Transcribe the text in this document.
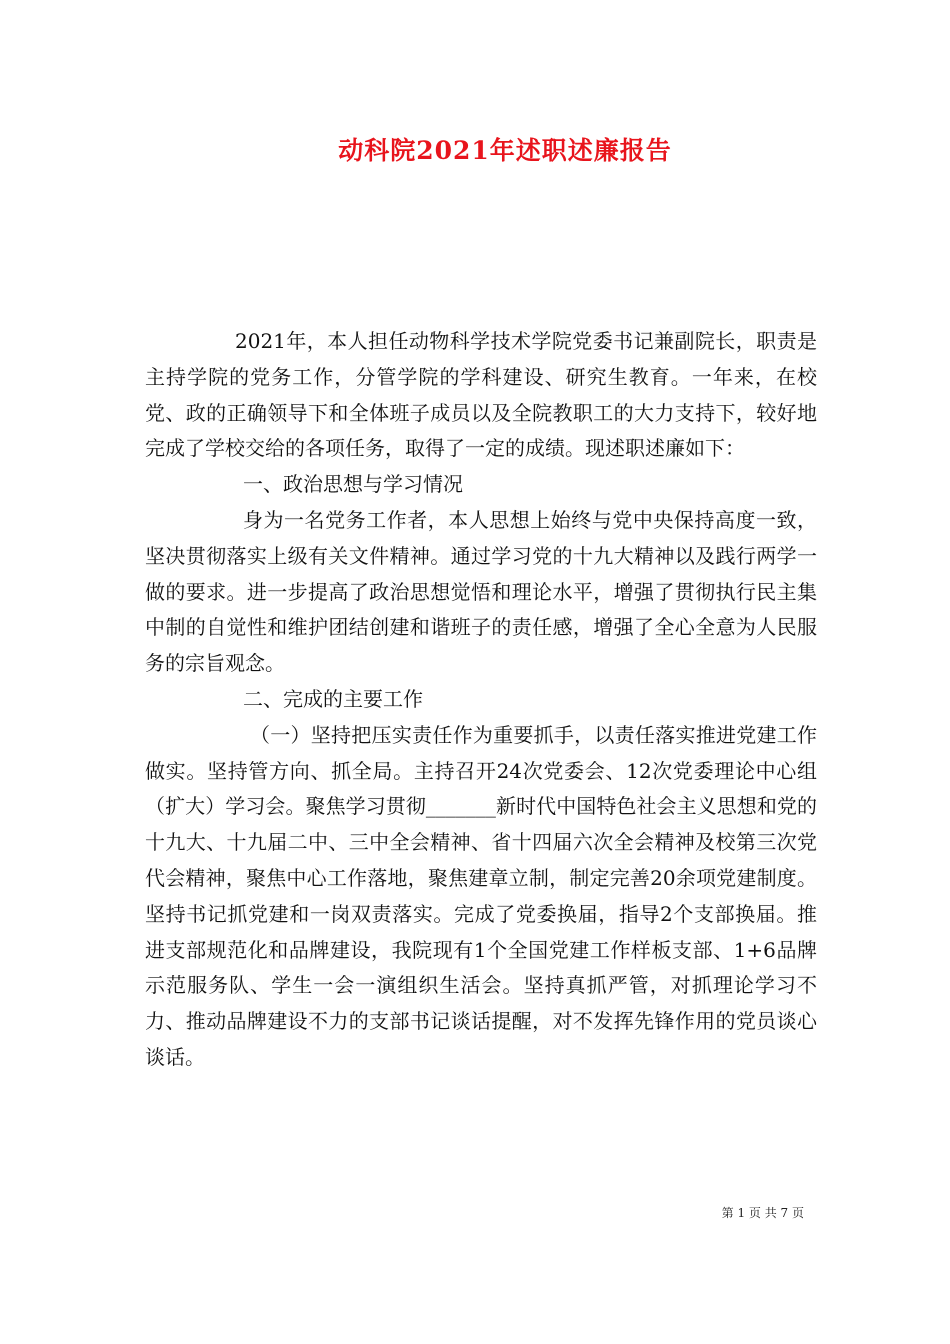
动科院2021年述职述廉报告

2021年，本人担任动物科学技术学院党委书记兼副院长，职责是主持学院的党务工作，分管学院的学科建设、研究生教育。一年来，在校党、政的正确领导下和全体班子成员以及全院教职工的大力支持下，较好地完成了学校交给的各项任务，取得了一定的成绩。现述职述廉如下：

一、政治思想与学习情况

身为一名党务工作者，本人思想上始终与党中央保持高度一致，坚决贯彻落实上级有关文件精神。通过学习党的十九大精神以及践行两学一做的要求。进一步提高了政治思想觉悟和理论水平，增强了贯彻执行民主集中制的自觉性和维护团结创建和谐班子的责任感，增强了全心全意为人民服务的宗旨观念。

二、完成的主要工作

（一）坚持把压实责任作为重要抓手，以责任落实推进党建工作做实。坚持管方向、抓全局。主持召开24次党委会、12次党委理论中心组（扩大）学习会。聚焦学习贯彻_______新时代中国特色社会主义思想和党的十九大、十九届二中、三中全会精神、省十四届六次全会精神及校第三次党代会精神，聚焦中心工作落地，聚焦建章立制，制定完善20余项党建制度。坚持书记抓党建和一岗双责落实。完成了党委换届，指导2个支部换届。推进支部规范化和品牌建设，我院现有1个全国党建工作样板支部、1+6品牌示范服务队、学生一会一演组织生活会。坚持真抓严管，对抓理论学习不力、推动品牌建设不力的支部书记谈话提醒，对不发挥先锋作用的党员谈心谈话。

第 1 页 共 7 页
